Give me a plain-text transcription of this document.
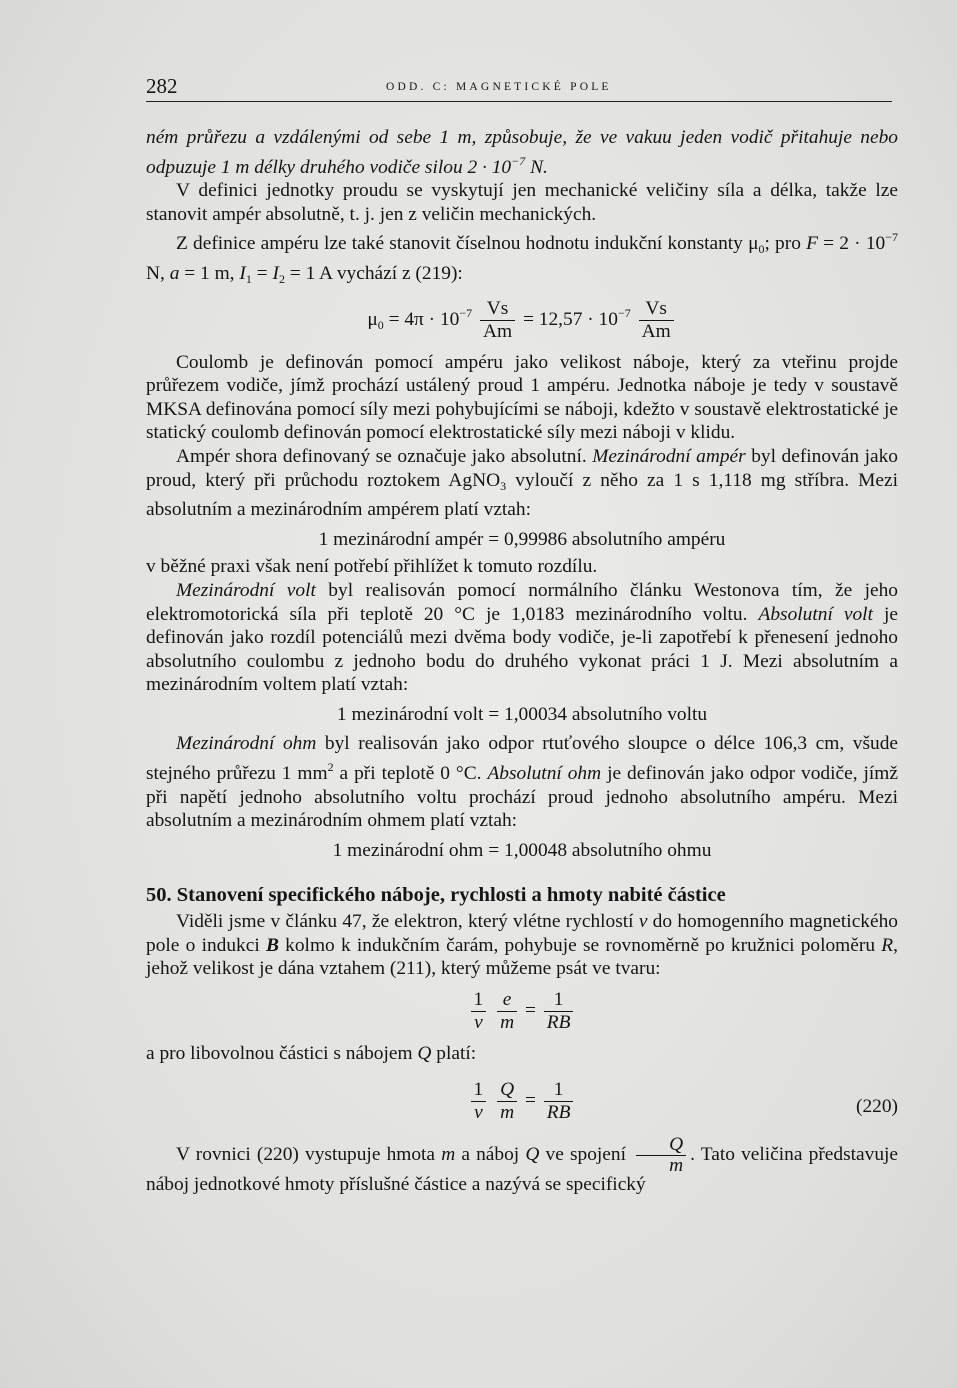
282	ODD. C: MAGNETICKÉ POLE

ném průřezu a vzdálenými od sebe 1 m, způsobuje, že ve vakuu jeden vodič přitahuje nebo odpuzuje 1 m délky druhého vodiče silou $2 \cdot 10^{-7}$ N.

V definici jednotky proudu se vyskytují jen mechanické veličiny síla a délka, takže lze stanovit ampér absolutně, t. j. jen z veličin mechanických.

Z definice ampéru lze také stanovit číselnou hodnotu indukční konstanty $\mu_0$; pro $F = 2 \cdot 10^{-7}$ N, a = 1 m, $I_1 = I_2 = 1$ A vychází z (219):

$\mu_0 = 4\pi \cdot 10^{-7} \frac{Vs}{Am} = 12,57 \cdot 10^{-7} \frac{Vs}{Am}$

Coulomb je definován pomocí ampéru jako velikost náboje, který za vteřinu projde průřezem vodiče, jímž prochází ustálený proud 1 ampéru. Jednotka náboje je tedy v soustavě MKSA definována pomocí síly mezi pohybujícími se náboji, kdežto v soustavě elektrostatické je statický coulomb definován pomocí elektrostatické síly mezi náboji v klidu.

Ampér shora definovaný se označuje jako absolutní. Mezinárodní ampér byl definován jako proud, který při průchodu roztokem AgNO$_3$ vyloučí z něho za 1 s 1,118 mg stříbra. Mezi absolutním a mezinárodním ampérem platí vztah:

1 mezinárodní ampér = 0,99986 absolutního ampéru

v běžné praxi však není potřebí přihlížet k tomuto rozdílu.

Mezinárodní volt byl realisován pomocí normálního článku Westonova tím, že jeho elektromotorická síla při teplotě 20 °C je 1,0183 mezinárodního voltu. Absolutní volt je definován jako rozdíl potenciálů mezi dvěma body vodiče, je-li zapotřebí k přenesení jednoho absolutního coulombu z jednoho bodu do druhého vykonat práci 1 J. Mezi absolutním a mezinárodním voltem platí vztah:

1 mezinárodní volt = 1,00034 absolutního voltu

Mezinárodní ohm byl realisován jako odpor rtuťového sloupce o délce 106,3 cm, všude stejného průřezu 1 $mm^2$ a při teplotě 0 °C. Absolutní ohm je definován jako odpor vodiče, jímž při napětí jednoho absolutního voltu prochází proud jednoho absolutního ampéru. Mezi absolutním a mezinárodním ohmem platí vztah:

1 mezinárodní ohm = 1,00048 absolutního ohmu

50. Stanovení specifického náboje, rychlosti a hmoty nabité částice

Viděli jsme v článku 47, že elektron, který vlétne rychlostí v do homogenního magnetického pole o indukci B kolmo k indukčním čarám, pohybuje se rovnoměrně po kružnici poloměru R, jehož velikost je dána vztahem (211), který můžeme psát ve tvaru:

$\frac{1}{v}$
$\frac{e}{m} = \frac{1}{RB}$

a pro libovolnou částici s nábojem Q platí:

$\frac{1}{v}$
$\frac{Q}{m} = \frac{1}{RB}$	(220)

V rovnici (220) vystupuje hmota m a náboj Q ve spojení $\frac{Q}{m}$ . Tato veličina představuje náboj jednotkové hmoty příslušné částice a nazývá se specifický
